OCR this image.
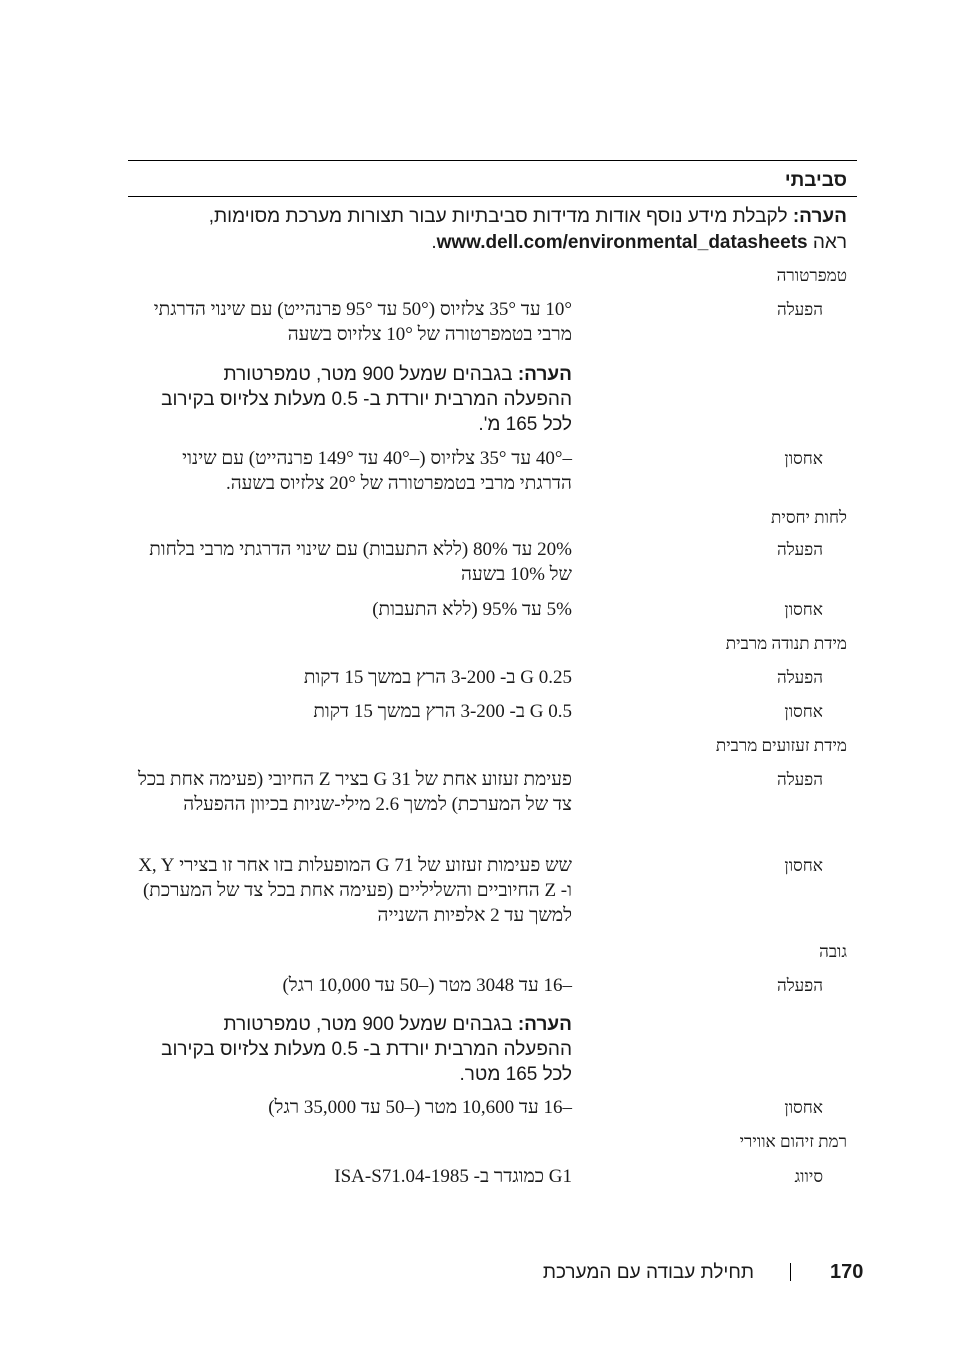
סביבתי
הערה: לקבלת מידע נוסף אודות מדידות סביבתיות עבור תצורות מערכת מסוימות, ראה www.dell.com/environmental_datasheets.
טמפרטורה
הפעלה
10° עד 35° צלזיוס (50° עד 95° פרנהייט) עם שינוי הדרגתי מרבי בטמפרטורה של 10° צלזיוס בשעה
הערה: בגבהים שמעל 900 מטר, טמפרטורת ההפעלה המרבית יורדת ב- 0.5 מעלות צלזיוס בקירוב לכל 165 מ'.
אחסון
–40° עד 35° צלזיוס (–40° עד 149° פרנהייט) עם שינוי הדרגתי מרבי בטמפרטורה של 20° צלזיוס בשעה.
לחות יחסית
הפעלה
20% עד 80% (ללא התעבות) עם שינוי הדרגתי מרבי בלחות של 10% בשעה
אחסון
5% עד 95% (ללא התעבות)
מידת תנודה מרבית
הפעלה
0.25 G ב- 3-200 הרץ במשך 15 דקות
אחסון
0.5 G ב- 3-200 הרץ במשך 15 דקות
מידת זעזועים מרבית
הפעלה
פעימת זעזוע אחת של 31 G בציר Z החיובי (פעימה אחת בכל צד של המערכת) למשך 2.6 מילי-שניות בכיוון ההפעלה
אחסון
שש פעימות זעזוע של 71 G המופעלות בזו אחר זו בצירי X, Y ו- Z החיוביים והשליליים (פעימה אחת בכל צד של המערכת) למשך עד 2 אלפיות השנייה
גובה
הפעלה
–16 עד 3048 מטר (–50 עד 10,000 רגל)
הערה: בגבהים שמעל 900 מטר, טמפרטורת ההפעלה המרבית יורדת ב- 0.5 מעלות צלזיוס בקירוב לכל 165 מטר.
אחסון
–16 עד 10,600 מטר (–50 עד 35,000 רגל)
רמת זיהום אווירי
סיווג
G1 כמוגדר ב- ISA-S71.04-1985
170
תחילת עבודה עם המערכת
